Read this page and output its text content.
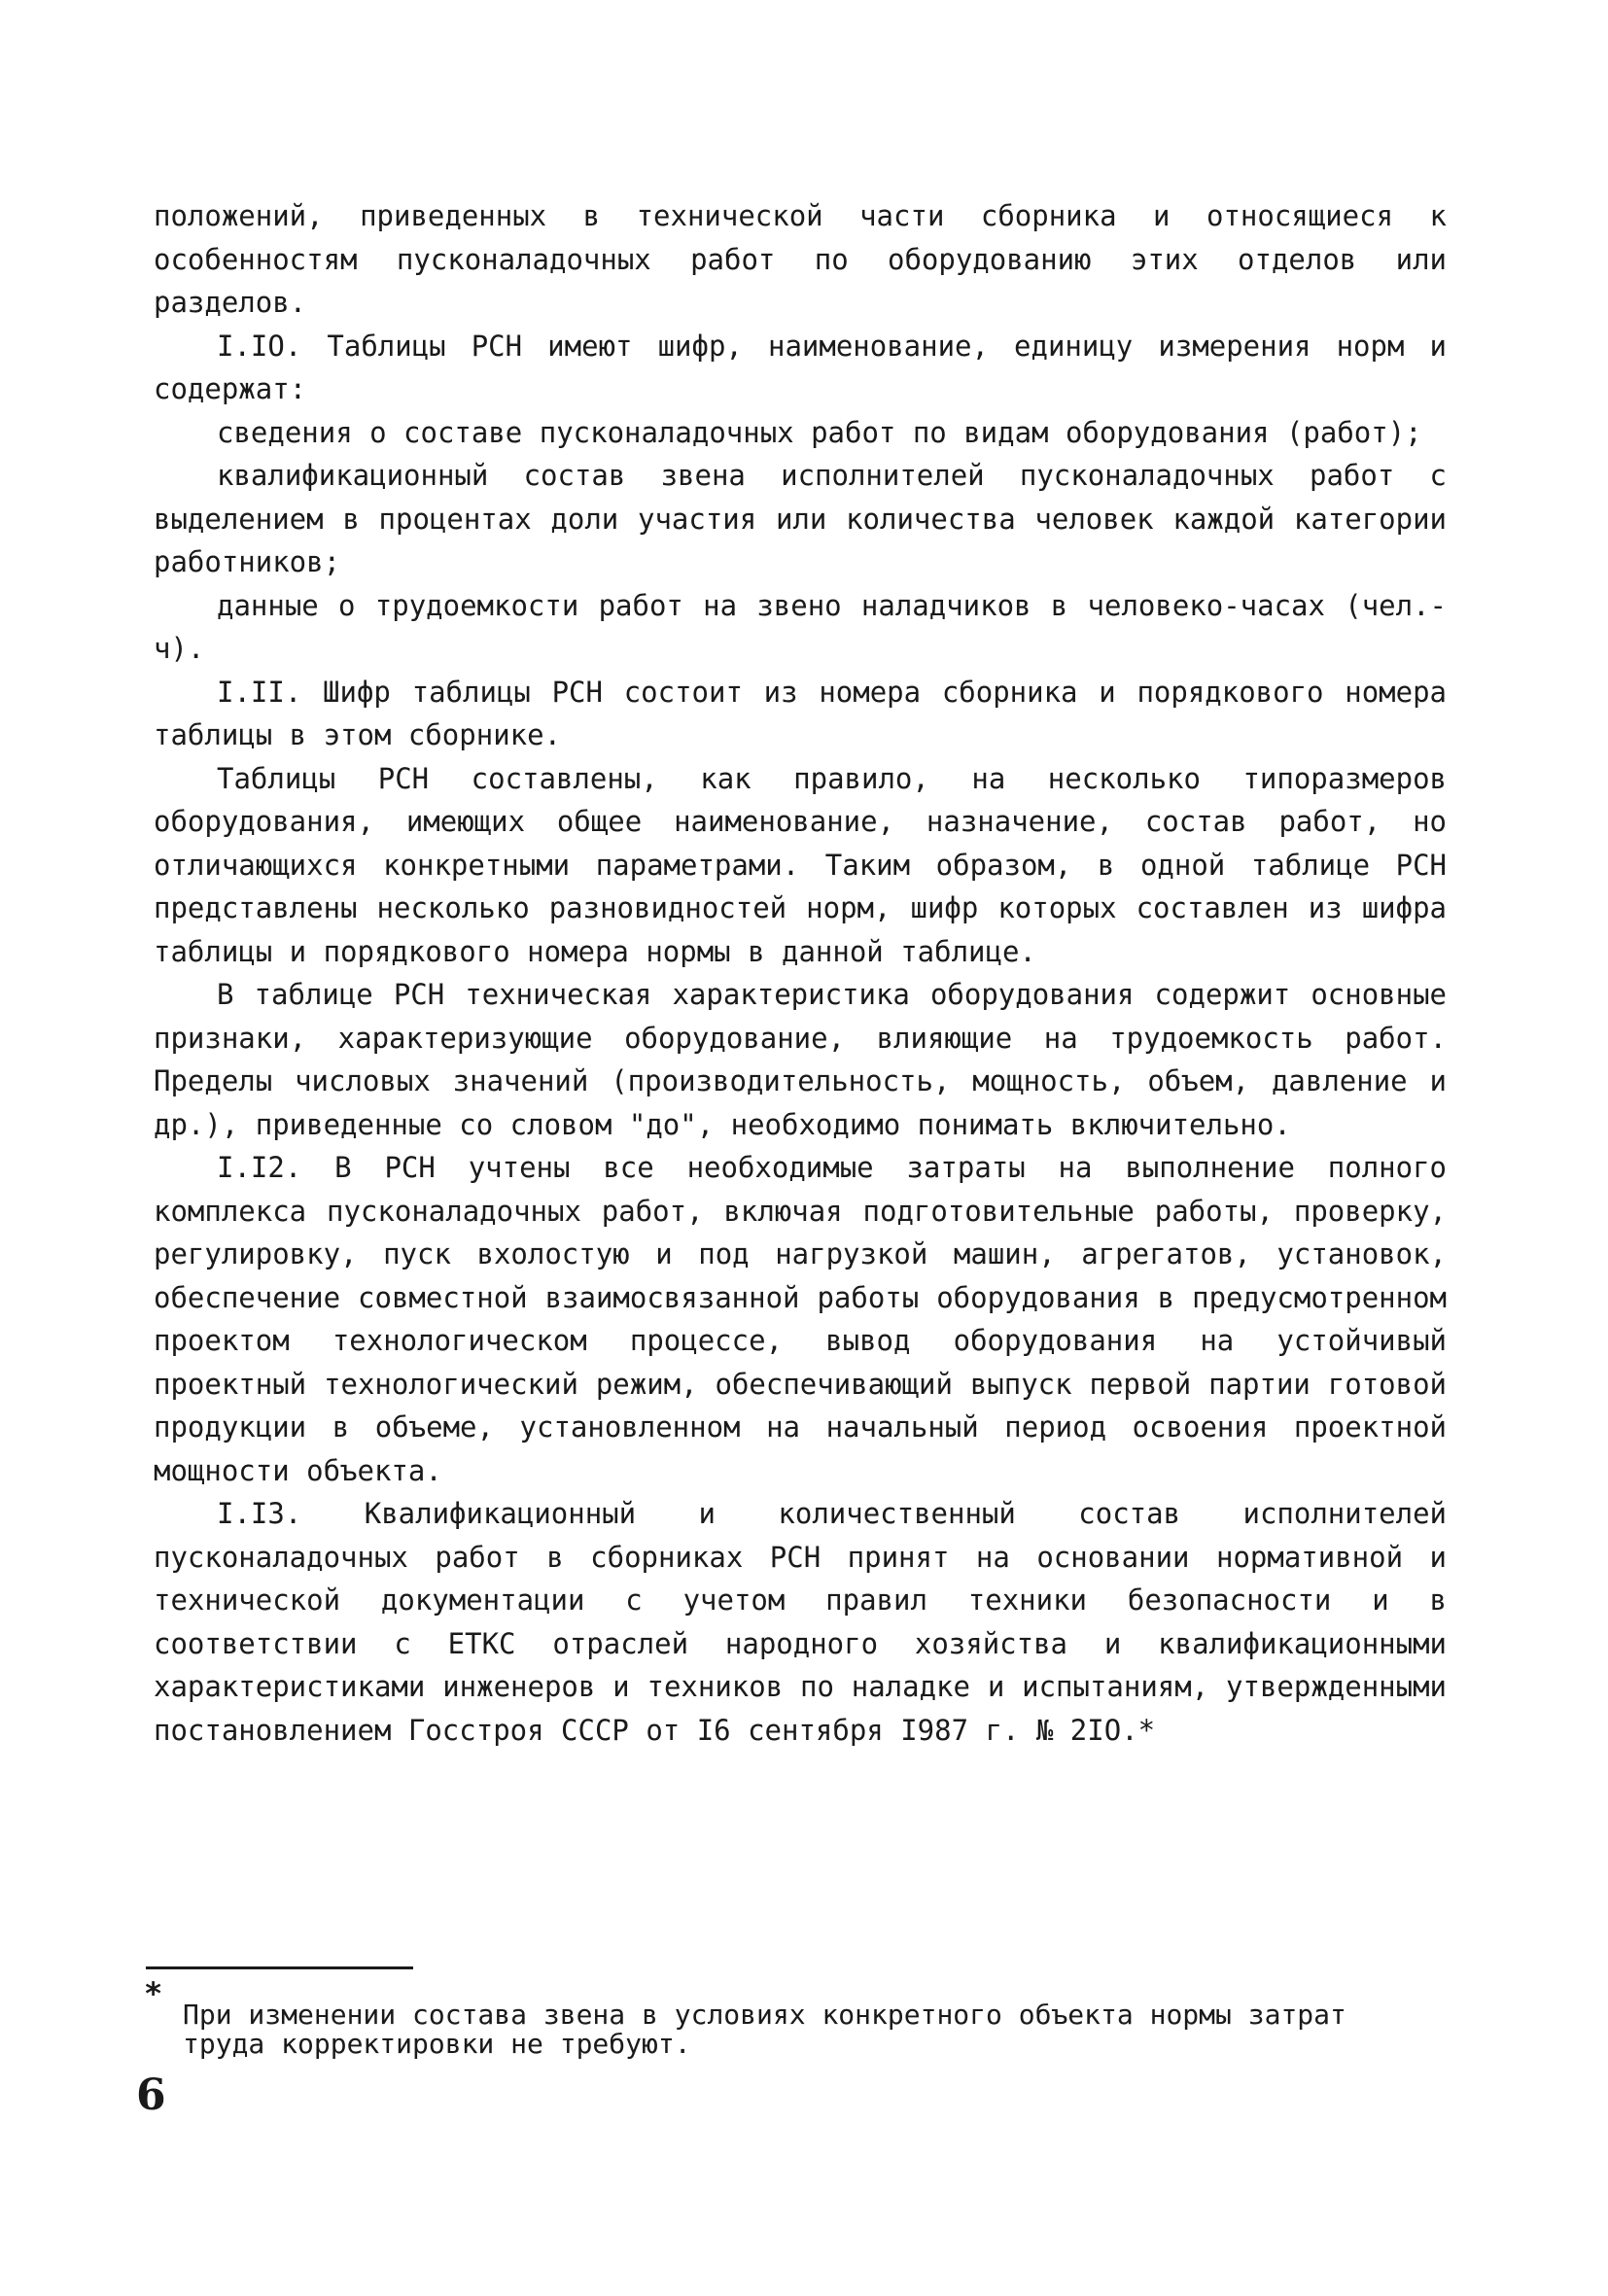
положений, приведенных в технической части сборника и относящиеся к особенностям пусконаладочных работ по оборудованию этих отделов или разделов.

I.IO. Таблицы РСН имеют шифр, наименование, единицу измерения норм и содержат:

сведения о составе пусконаладочных работ по видам оборудования (работ);

квалификационный состав звена исполнителей пусконаладочных работ с выделением в процентах доли участия или количества человек каждой категории работников;

данные о трудоемкости работ на звено наладчиков в человеко-часах (чел.-ч).

I.II. Шифр таблицы РСН состоит из номера сборника и порядкового номера таблицы в этом сборнике.

Таблицы РСН составлены, как правило, на несколько типоразмеров оборудования, имеющих общее наименование, назначение, состав работ, но отличающихся конкретными параметрами. Таким образом, в одной таблице РСН представлены несколько разновидностей норм, шифр которых составлен из шифра таблицы и порядкового номера нормы в данной таблице.

В таблице РСН техническая характеристика оборудования содержит основные признаки, характеризующие оборудование, влияющие на трудоемкость работ. Пределы числовых значений (производительность, мощность, объем, давление и др.), приведенные со словом "до", необходимо понимать включительно.

I.I2. В РСН учтены все необходимые затраты на выполнение полного комплекса пусконаладочных работ, включая подготовительные работы, проверку, регулировку, пуск вхолостую и под нагрузкой машин, агрегатов, установок, обеспечение совместной взаимосвязанной работы оборудования в предусмотренном проектом технологическом процессе, вывод оборудования на устойчивый проектный технологический режим, обеспечивающий выпуск первой партии готовой продукции в объеме, установленном на начальный период освоения проектной мощности объекта.

I.I3. Квалификационный и количественный состав исполнителей пусконаладочных работ в сборниках РСН принят на основании нормативной и технической документации с учетом правил техники безопасности и в соответствии с ЕТКС отраслей народного хозяйства и квалификационными характеристиками инженеров и техников по наладке и испытаниям, утвержденными постановлением Госстроя СССР от I6 сентября I987 г. № 2IO.*

*
При изменении состава звена в условиях конкретного объекта нормы затрат труда корректировки не требуют.
6
